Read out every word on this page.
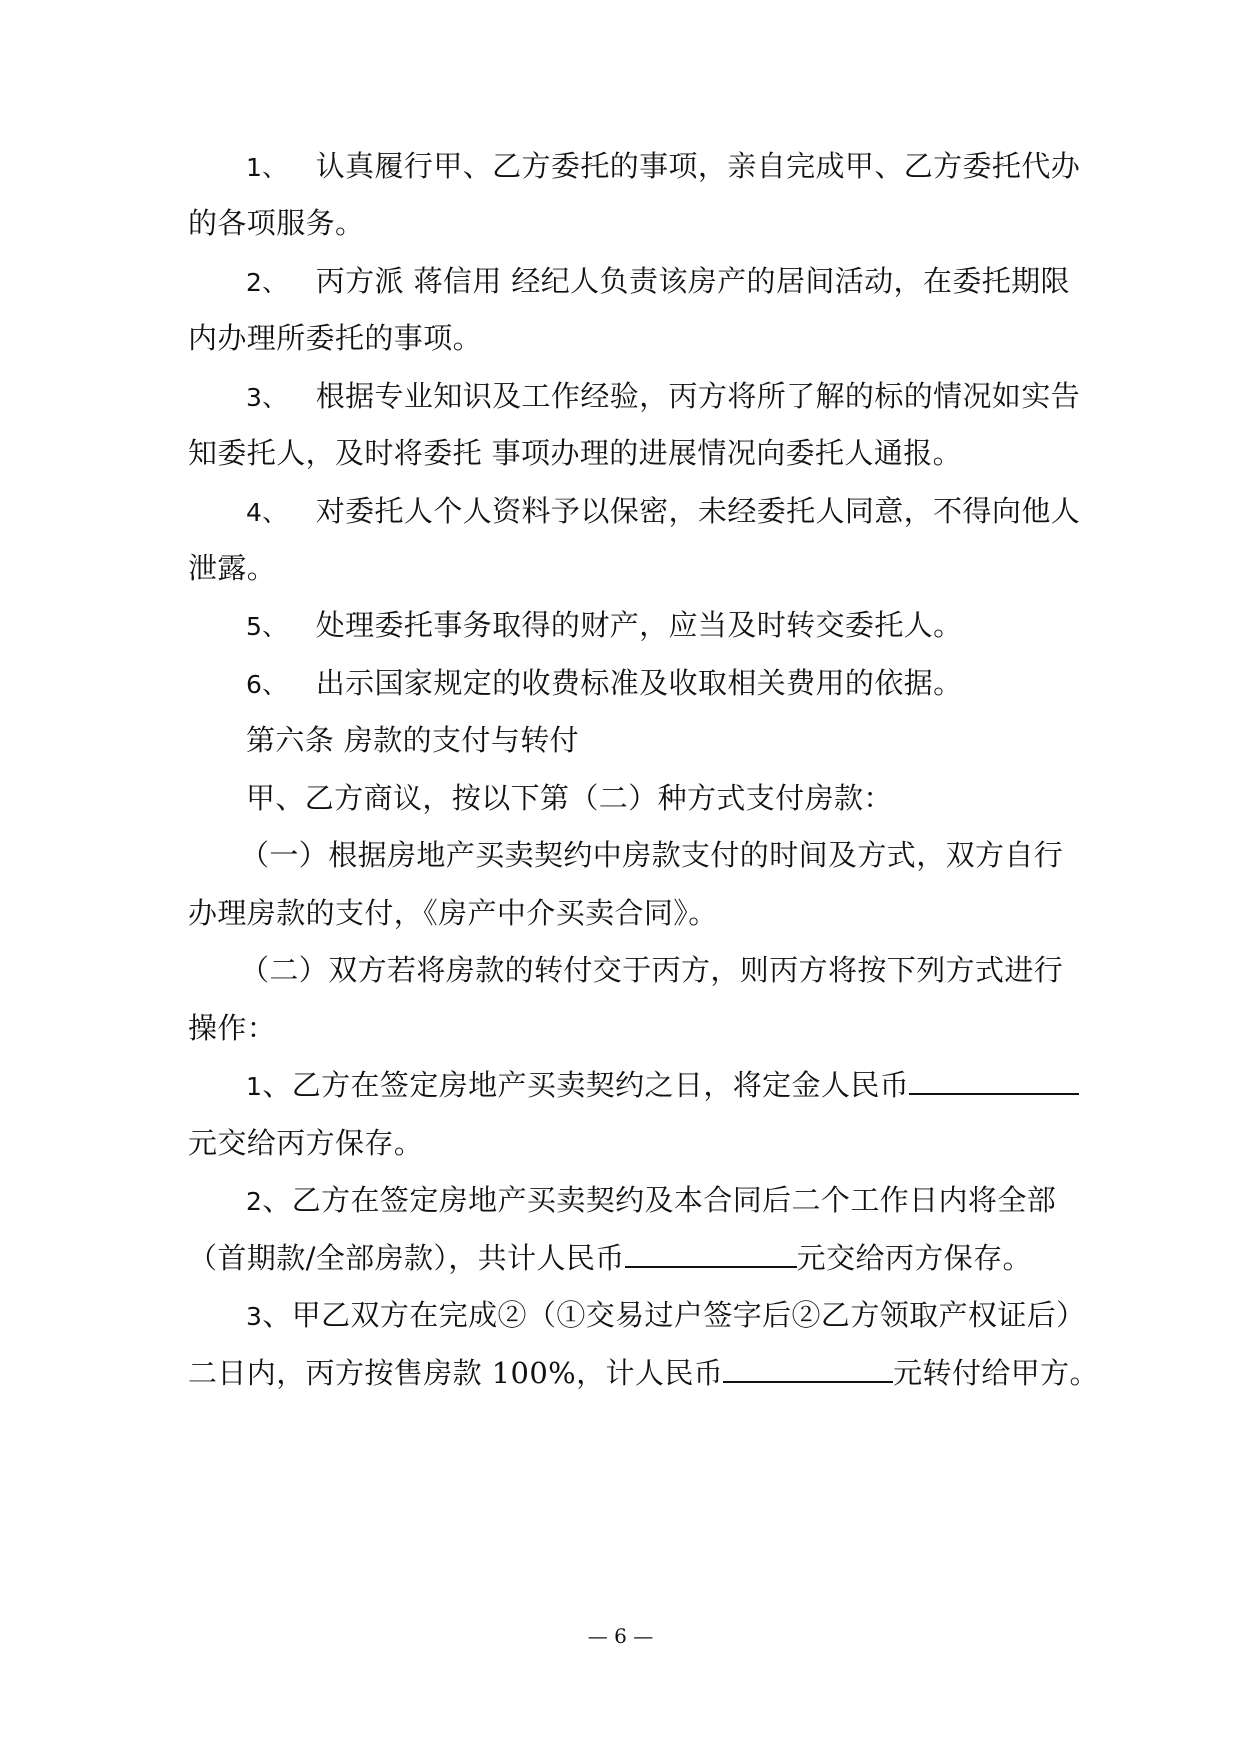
1、 认真履行甲、乙方委托的事项，亲自完成甲、乙方委托代办
的各项服务。
2、 丙方派 蒋信用 经纪人负责该房产的居间活动，在委托期限
内办理所委托的事项。
3、 根据专业知识及工作经验，丙方将所了解的标的情况如实告
知委托人，及时将委托 事项办理的进展情况向委托人通报。
4、 对委托人个人资料予以保密，未经委托人同意，不得向他人
泄露。
5、 处理委托事务取得的财产，应当及时转交委托人。
6、 出示国家规定的收费标准及收取相关费用的依据。
第六条 房款的支付与转付
甲、乙方商议，按以下第（二）种方式支付房款：
（一）根据房地产买卖契约中房款支付的时间及方式，双方自行
办理房款的支付，《房产中介买卖合同》。
（二）双方若将房款的转付交于丙方，则丙方将按下列方式进行
操作：
1、乙方在签定房地产买卖契约之日，将定金人民币
元交给丙方保存。
2、乙方在签定房地产买卖契约及本合同后二个工作日内将全部
（首期款/全部房款），共计人民币	元交给丙方保存。
3、甲乙双方在完成②（①交易过户签字后②乙方领取产权证后）
二日内，丙方按售房款 100%，计人民币	元转付给甲方。
— 6 —
